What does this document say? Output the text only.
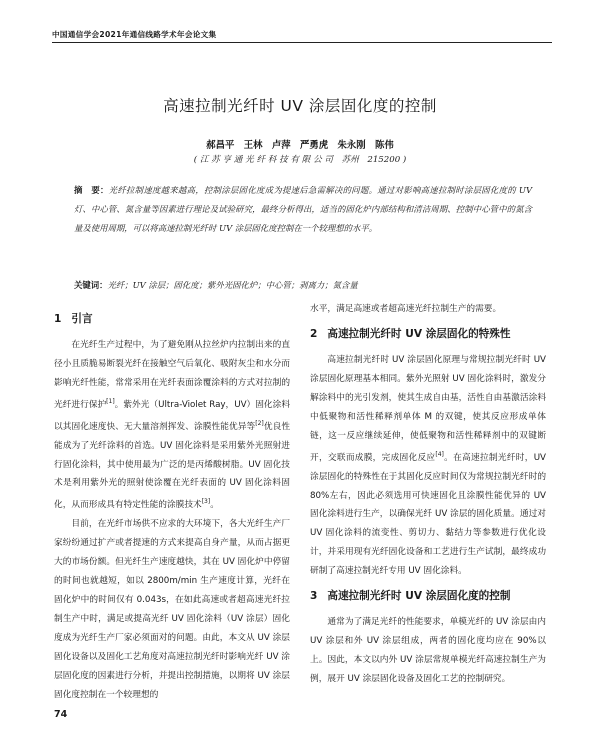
中国通信学会2021年通信线路学术年会论文集
高速拉制光纤时 UV 涂层固化度的控制
郝昌平　王林　卢萍　严勇虎　朱永刚　陈伟
( 江 苏 亨 通 光 纤 科 技 有 限 公 司　苏州　215200 )
摘　要：光纤拉制速度越来越高，控制涂层固化度成为提速后急需解决的问题。通过对影响高速拉制时涂层固化度的 UV 灯、中心管、氮含量等因素进行理论及试验研究，最终分析得出，适当的固化炉内部结构和清洁周期、控制中心管中的氮含量及使用周期，可以将高速拉制光纤时 UV 涂层固化度控制在一个较理想的水平。
关键词：光纤；UV 涂层；固化度；紫外光固化炉；中心管；剥离力；氮含量
1 引言

在光纤生产过程中，为了避免刚从拉丝炉内拉制出来的直径小且质脆易断裂光纤在接触空气后氧化、吸附灰尘和水分而影响光纤性能，常常采用在光纤表面涂覆涂料的方式对拉制的光纤进行保护[1]。紫外光（Ultra-Violet Ray，UV）固化涂料以其固化速度快、无大量溶剂挥发、涂膜性能优异等[2]优良性能成为了光纤涂料的首选。UV 固化涂料是采用紫外光照射进行固化涂料，其中使用最为广泛的是丙烯酸树脂。UV 固化技术是利用紫外光的照射使涂覆在光纤表面的 UV 固化涂料固化，从而形成具有特定性能的涂膜技术[3]。

目前，在光纤市场供不应求的大环境下，各大光纤生产厂家纷纷通过扩产或者提速的方式来提高自身产量，从而占据更大的市场份额。但光纤生产速度越快，其在 UV 固化炉中停留的时间也就越短，如以 2800m/min 生产速度计算，光纤在固化炉中的时间仅有 0.043s，在如此高速或者超高速光纤拉制生产中时，满足或提高光纤 UV 固化涂料（UV 涂层）固化度成为光纤生产厂家必须面对的问题。由此，本文从 UV 涂层固化设备以及固化工艺角度对高速拉制光纤时影响光纤 UV 涂层固化度的因素进行分析，并提出控制措施，以期将 UV 涂层固化度控制在一个较理想的

水平，满足高速或者超高速光纤拉制生产的需要。
2 高速拉制光纤时 UV 涂层固化的特殊性

高速拉制光纤时 UV 涂层固化原理与常规拉制光纤时 UV 涂层固化原理基本相同。紫外光照射 UV 固化涂料时，激发分解涂料中的光引发剂，使其生成自由基，活性自由基激活涂料中低聚物和活性稀释剂单体 M 的双键，使其反应形成单体链，这一反应继续延伸，使低聚物和活性稀释剂中的双键断开，交联而成膜，完成固化反应[4]。在高速拉制光纤时，UV 涂层固化的特殊性在于其固化反应时间仅为常规拉制光纤时的 80%左右，因此必须选用可快速固化且涂膜性能优异的 UV 固化涂料进行生产，以确保光纤 UV 涂层的固化质量。通过对 UV 固化涂料的流变性、剪切力、黏结力等参数进行优化设计，并采用现有光纤固化设备和工艺进行生产试制，最终成功研制了高速拉制光纤专用 UV 固化涂料。

3 高速拉制光纤时 UV 涂层固化度的控制

通常为了满足光纤的性能要求，单模光纤的 UV 涂层由内 UV 涂层和外 UV 涂层组成，两者的固化度均应在 90%以上。因此，本文以内外 UV 涂层常规单模光纤高速拉制生产为例，展开 UV 涂层固化设备及固化工艺的控制研究。

74
